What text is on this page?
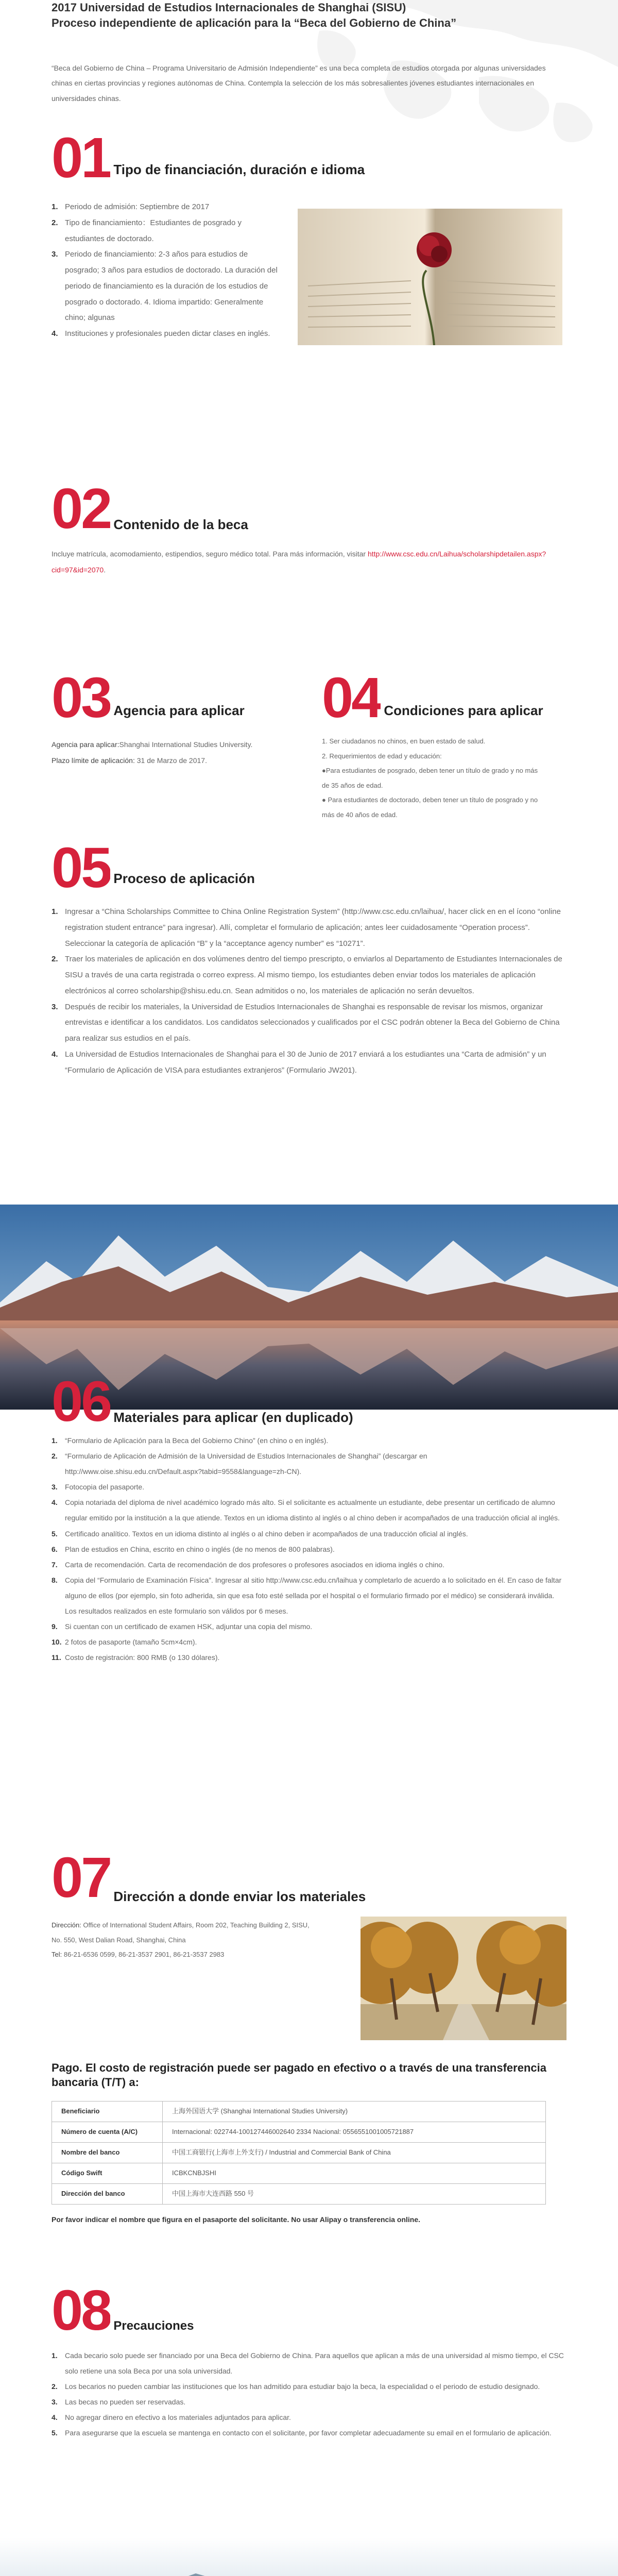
2017 Universidad de Estudios Internacionales de Shanghai (SISU)
Proceso independiente de aplicación para la “Beca del Gobierno de China”

“Beca del Gobierno de China – Programa Universitario de Admisión Independiente” es una beca completa de estudios otorgada por algunas universidades chinas en ciertas provincias y regiones autónomas de China. Contempla la selección de los más sobresalientes jóvenes estudiantes internacionales en universidades chinas.

01 Tipo de financiación, duración e idioma
Periodo de admisión: Septiembre de 2017
Tipo de financiamiento：Estudiantes de posgrado y estudiantes de doctorado.
Periodo de financiamiento: 2-3 años para estudios de posgrado; 3 años para estudios de doctorado. La duración del periodo de financiamiento es la duración de los estudios de posgrado o doctorado. 4. Idioma impartido: Generalmente chino; algunas
Instituciones y profesionales pueden dictar clases en inglés.
02 Contenido de la beca

Incluye matrícula, acomodamiento, estipendios, seguro médico total. Para más información, visitar http://www.csc.edu.cn/Laihua/scholarshipdetailen.aspx?cid=97&id=2070.

03 Agencia para aplicar

Agencia para aplicar:Shanghai International Studies University.

Plazo límite de aplicación: 31 de Marzo de 2017.

04 Condiciones para aplicar

1. Ser ciudadanos no chinos, en buen estado de salud.

2. Requerimientos de edad y educación:

●Para estudiantes de posgrado, deben tener un título de grado y no más de 35 años de edad.

● Para estudiantes de doctorado, deben tener un título de posgrado y no más de 40 años de edad.

05 Proceso de aplicación
Ingresar a “China Scholarships Committee to China Online Registration System” (http://www.csc.edu.cn/laihua/, hacer click en en el ícono “online registration student entrance” para ingresar). Allí, completar el formulario de aplicación; antes leer cuidadosamente “Operation process”. Seleccionar la categoría de aplicación “B” y la “acceptance agency number” es “10271”.
Traer los materiales de aplicación en dos volúmenes dentro del tiempo prescripto, o enviarlos al Departamento de Estudiantes Internacionales de SISU a través de una carta registrada o correo express. Al mismo tiempo, los estudiantes deben enviar todos los materiales de aplicación electrónicos al correo scholarship@shisu.edu.cn. Sean admitidos o no, los materiales de aplicación no serán devueltos.
Después de recibir los materiales, la Universidad de Estudios Internacionales de Shanghai es responsable de revisar los mismos, organizar entrevistas e identificar a los candidatos. Los candidatos seleccionados y cualificados por el CSC podrán obtener la Beca del Gobierno de China para realizar sus estudios en el país.
La Universidad de Estudios Internacionales de Shanghai para el 30 de Junio de 2017 enviará a los estudiantes una “Carta de admisión” y un “Formulario de Aplicación de VISA para estudiantes extranjeros” (Formulario JW201).
06 Materiales para aplicar (en duplicado)
“Formulario de Aplicación para la Beca del Gobierno Chino” (en chino o en inglés).
“Formulario de Aplicación de Admisión de la Universidad de Estudios Internacionales de Shanghai” (descargar en http://www.oise.shisu.edu.cn/Default.aspx?tabid=9558&language=zh-CN).
Fotocopia del pasaporte.
Copia notariada del diploma de nivel académico logrado más alto. Si el solicitante es actualmente un estudiante, debe presentar un certificado de alumno regular emitido por la institución a la que atiende. Textos en un idioma distinto al inglés o al chino deben ir acompañados de una traducción oficial al inglés.
Certificado analítico. Textos en un idioma distinto al inglés o al chino deben ir acompañados de una traducción oficial al inglés.
Plan de estudios en China, escrito en chino o inglés (de no menos de 800 palabras).
Carta de recomendación. Carta de recomendación de dos profesores o profesores asociados en idioma inglés o chino.
Copia del “Formulario de Examinación Física”. Ingresar al sitio http://www.csc.edu.cn/laihua y completarlo de acuerdo a lo solicitado en él. En caso de faltar alguno de ellos (por ejemplo, sin foto adherida, sin que esa foto esté sellada por el hospital o el formulario firmado por el médico) se considerará inválida. Los resultados realizados en este formulario son válidos por 6 meses.
Si cuentan con un certificado de examen HSK, adjuntar una copia del mismo.
2 fotos de pasaporte (tamaño 5cm×4cm).
Costo de registración: 800 RMB (o 130 dólares).
07 Dirección a donde enviar los materiales

Dirección: Office of International Student Affairs, Room 202, Teaching Building 2, SISU, No. 550, West Dalian Road, Shanghai, China

Tel: 86-21-6536 0599, 86-21-3537 2901, 86-21-3537 2983

Pago. El costo de registración puede ser pagado en efectivo o a través de una transferencia bancaria (T/T) a:
Beneficiario	上海外国语大学 (Shanghai International Studies University)
Número de cuenta (A/C)	Internacional: 022744-100127446002640 2334 Nacional: 0556551001005721887
Nombre del banco	中国工商银行(上海市上外支行) / Industrial and Commercial Bank of China
Código Swift	ICBKCNBJSHI
Dirección del banco	中国上海市大连西路 550 号

Por favor indicar el nombre que figura en el pasaporte del solicitante. No usar Alipay o transferencia online.

08 Precauciones
Cada becario solo puede ser financiado por una Beca del Gobierno de China. Para aquellos que aplican a más de una universidad al mismo tiempo, el CSC solo retiene una sola Beca por una sola universidad.
Los becarios no pueden cambiar las instituciones que los han admitido para estudiar bajo la beca, la especialidad o el periodo de estudio designado.
Las becas no pueden ser reservadas.
No agregar dinero en efectivo a los materiales adjuntados para aplicar.
Para asegurarse que la escuela se mantenga en contacto con el solicitante, por favor completar adecuadamente su email en el formulario de aplicación.
